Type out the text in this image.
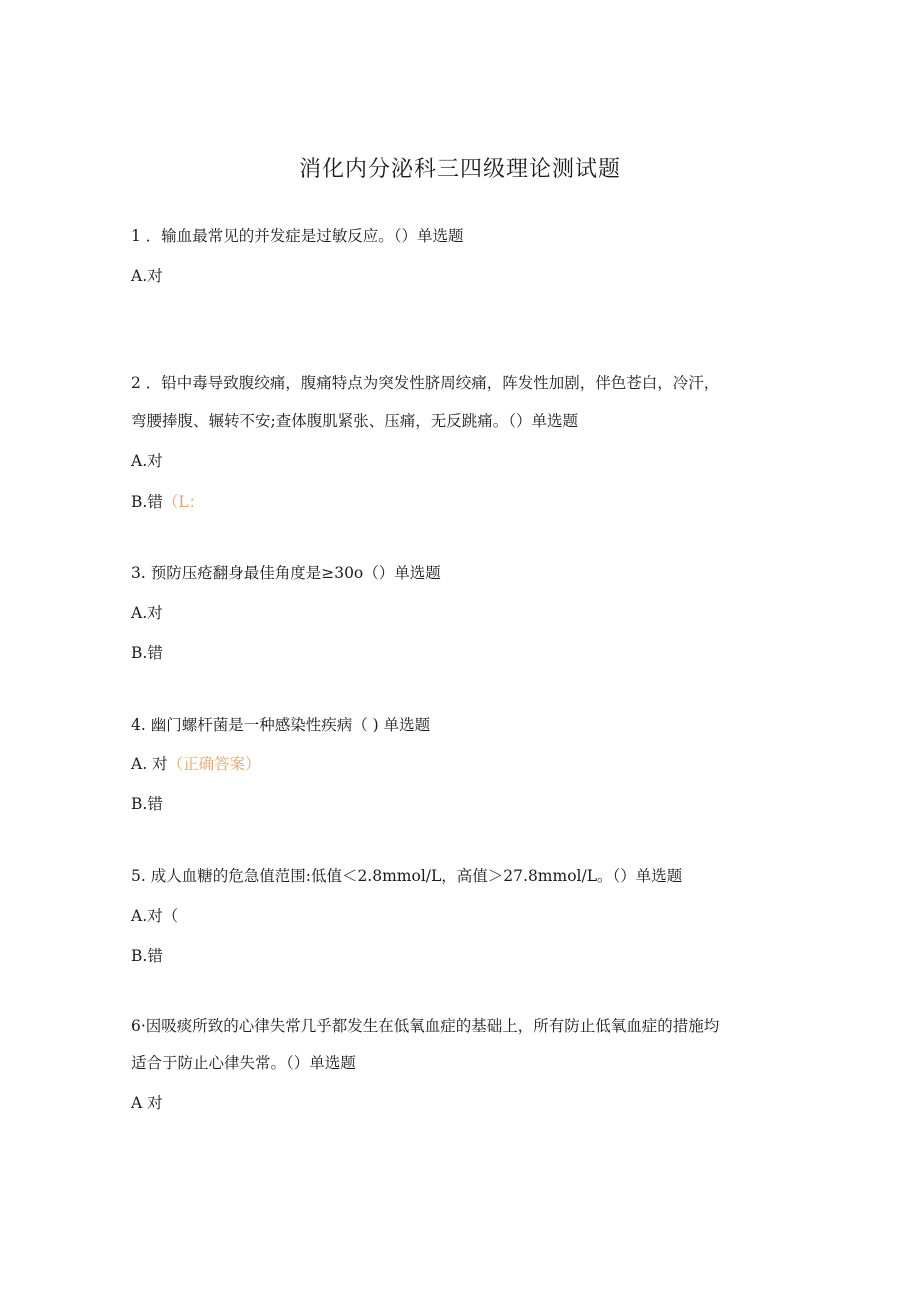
消化内分泌科三四级理论测试题
1 ．输血最常见的并发症是过敏反应。（）单选题
A.对
2 ．铅中毒导致腹绞痛，腹痛特点为突发性脐周绞痛，阵发性加剧，伴色苍白，冷汗，
弯腰捧腹、辗转不安;查体腹肌紧张、压痛，无反跳痛。（）单选题
A.对
B.错（L：
3. 预防压疮翻身最佳角度是≥30o（）单选题
A.对
B.错
4. 幽门螺杆菌是一种感染性疾病（ ) 单选题
A. 对（正确答案）
B.错
5. 成人血糖的危急值范围:低值＜2.8mmol/L，高值＞27.8mmol/L。（）单选题
A.对（
B.错
6·因吸痰所致的心律失常几乎都发生在低氧血症的基础上，所有防止低氧血症的措施均
适合于防止心律失常。（）单选题
A 对
